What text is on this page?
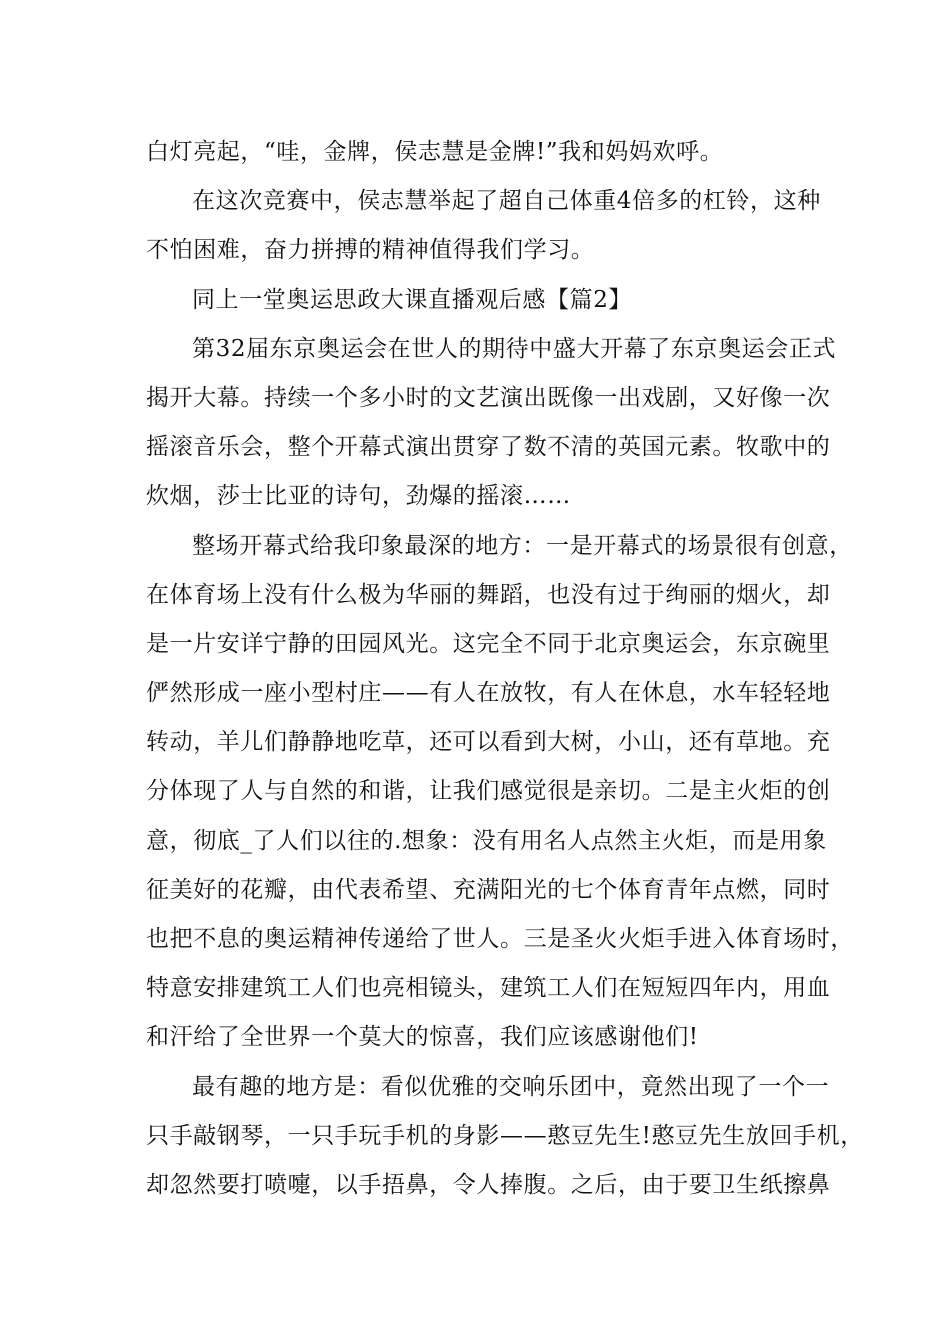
白灯亮起，“哇，金牌，侯志慧是金牌!”我和妈妈欢呼。
在这次竞赛中，侯志慧举起了超自己体重4倍多的杠铃，这种
不怕困难，奋力拼搏的精神值得我们学习。
同上一堂奥运思政大课直播观后感【篇2】
第32届东京奥运会在世人的期待中盛大开幕了东京奥运会正式
揭开大幕。持续一个多小时的文艺演出既像一出戏剧，又好像一次
摇滚音乐会，整个开幕式演出贯穿了数不清的英国元素。牧歌中的
炊烟，莎士比亚的诗句，劲爆的摇滚……
整场开幕式给我印象最深的地方：一是开幕式的场景很有创意，
在体育场上没有什么极为华丽的舞蹈，也没有过于绚丽的烟火，却
是一片安详宁静的田园风光。这完全不同于北京奥运会，东京碗里
俨然形成一座小型村庄——有人在放牧，有人在休息，水车轻轻地
转动，羊儿们静静地吃草，还可以看到大树，小山，还有草地。充
分体现了人与自然的和谐，让我们感觉很是亲切。二是主火炬的创
意，彻底_了人们以往的.想象：没有用名人点然主火炬，而是用象
征美好的花瓣，由代表希望、充满阳光的七个体育青年点燃，同时
也把不息的奥运精神传递给了世人。三是圣火火炬手进入体育场时，
特意安排建筑工人们也亮相镜头，建筑工人们在短短四年内，用血
和汗给了全世界一个莫大的惊喜，我们应该感谢他们!
最有趣的地方是：看似优雅的交响乐团中，竟然出现了一个一
只手敲钢琴，一只手玩手机的身影——憨豆先生!憨豆先生放回手机，
却忽然要打喷嚏，以手捂鼻，令人捧腹。之后，由于要卫生纸擦鼻
